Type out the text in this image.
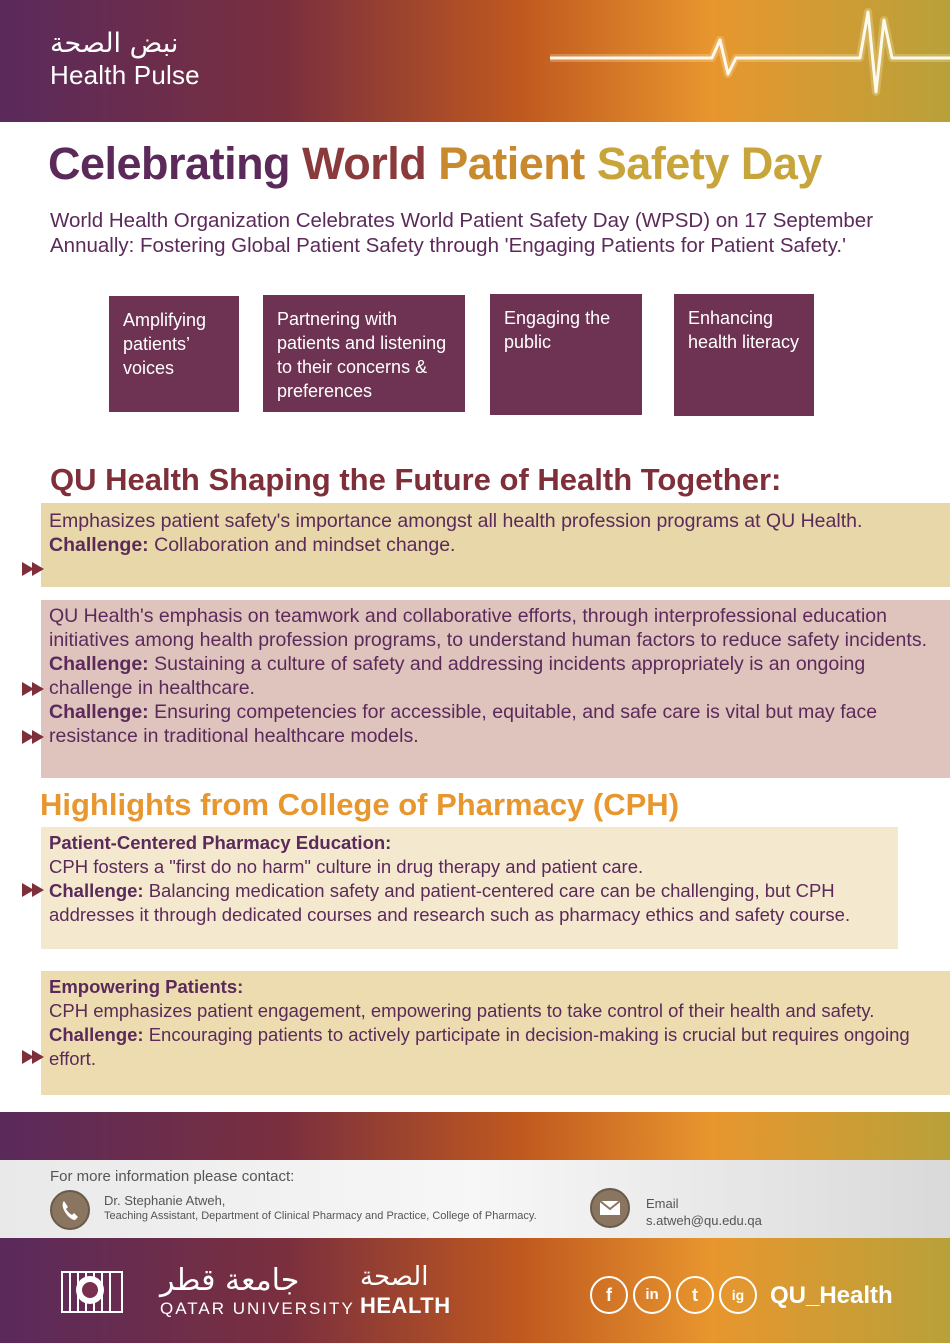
نبض الصحة
Health Pulse
Celebrating World Patient Safety Day
World Health Organization Celebrates World Patient Safety Day (WPSD) on 17 September Annually: Fostering Global Patient Safety through 'Engaging Patients for Patient Safety.'
Amplifying patients’ voices
Partnering with patients and listening to their concerns & preferences
Engaging the public
Enhancing health literacy
QU Health Shaping the Future of Health Together:

Emphasizes patient safety's importance amongst all health profession programs at QU Health.

Challenge: Collaboration and mindset change.

QU Health's emphasis on teamwork and collaborative efforts, through interprofessional education initiatives among health profession programs, to understand human factors to reduce safety incidents.

Challenge: Sustaining a culture of safety and addressing incidents appropriately is an ongoing challenge in healthcare.

Challenge: Ensuring competencies for accessible, equitable, and safe care is vital but may face resistance in traditional healthcare models.

Highlights from College of Pharmacy (CPH)

Patient-Centered Pharmacy Education:

CPH fosters a "first do no harm" culture in drug therapy and patient care.

Challenge: Balancing medication safety and patient-centered care can be challenging, but CPH addresses it through dedicated courses and research such as pharmacy ethics and safety course.

Empowering Patients:

CPH emphasizes patient engagement, empowering patients to take control of their health and safety.

Challenge: Encouraging patients to actively participate in decision-making is crucial but requires ongoing effort.

For more information please contact:
Dr. Stephanie Atweh,
Teaching Assistant, Department of Clinical Pharmacy and Practice, College of Pharmacy.
Email
s.atweh@qu.edu.qa
جامعة قطر
QATAR UNIVERSITY
الصحة
HEALTH	f	in	t	ig	QU_Health
